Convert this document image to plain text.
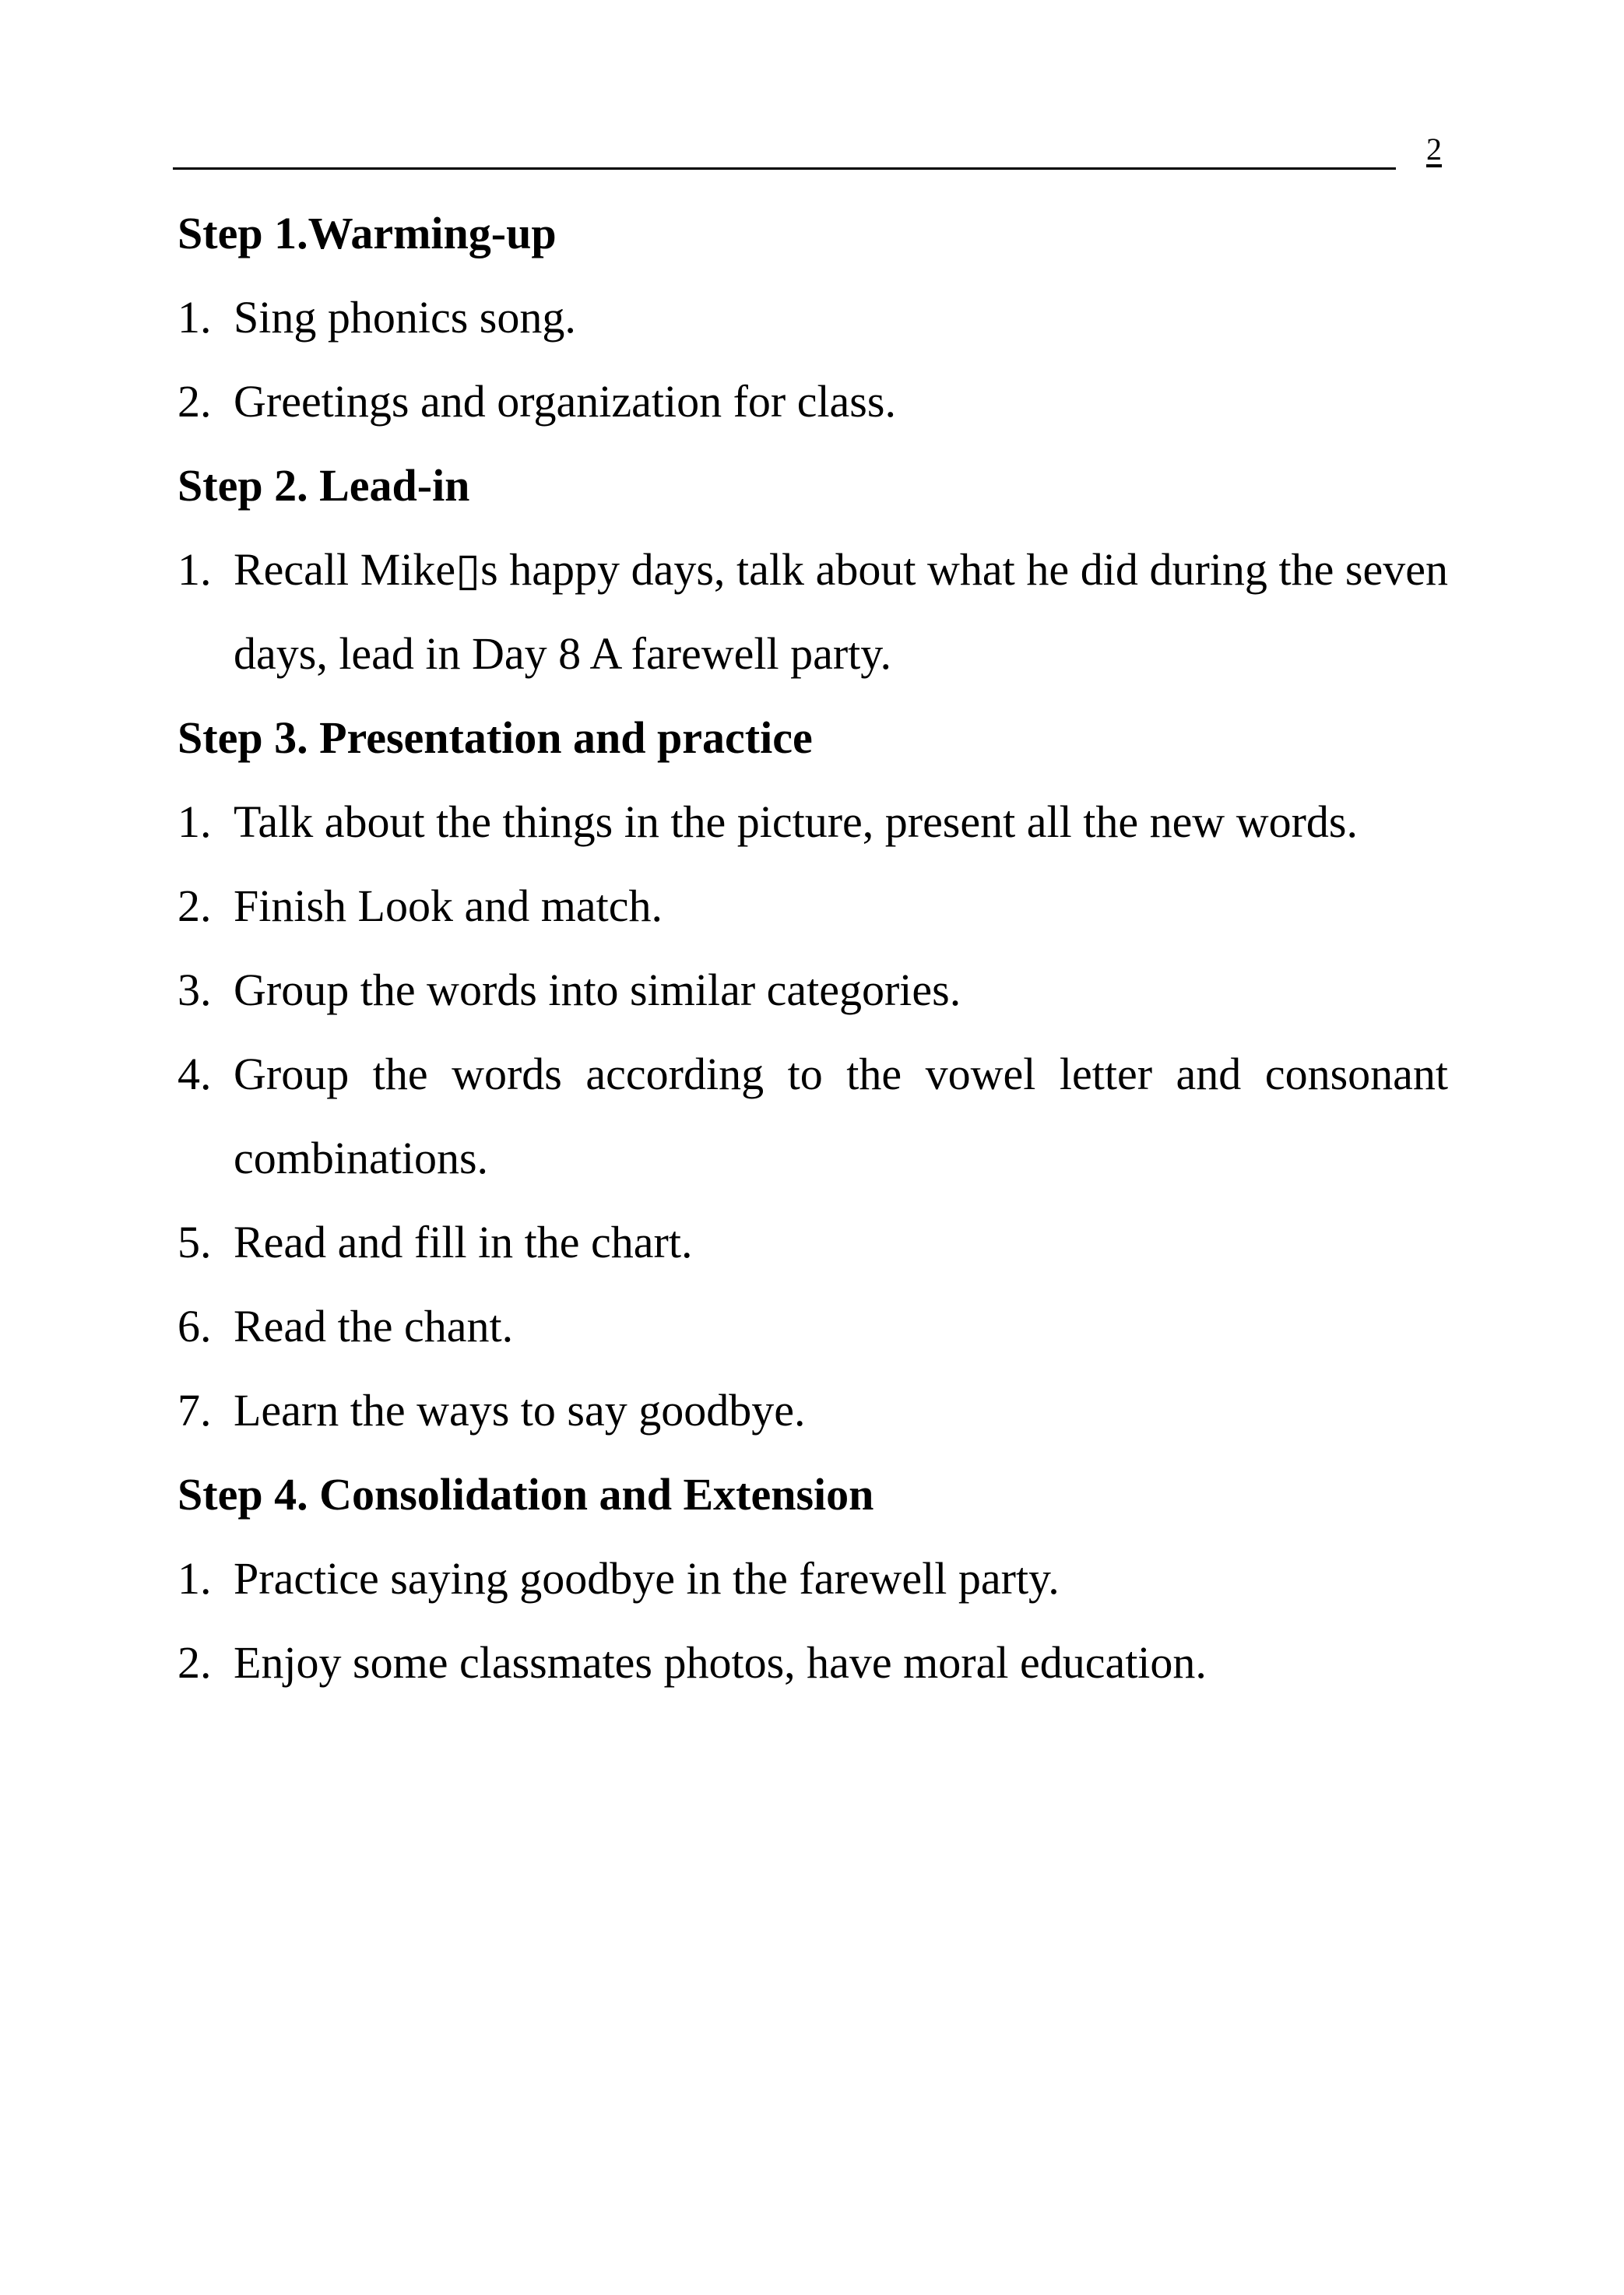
2
Step 1.Warming-up
1. Sing phonics song.
2. Greetings and organization for class.
Step 2. Lead-in
1. Recall Mike▯s happy days, talk about what he did during the seven days, lead in Day 8 A farewell party.
Step 3. Presentation and practice
1. Talk about the things in the picture, present all the new words.
2. Finish Look and match.
3. Group the words into similar categories.
4. Group the words according to the vowel letter and consonant combinations.
5. Read and fill in the chart.
6. Read the chant.
7. Learn the ways to say goodbye.
Step 4. Consolidation and Extension
1. Practice saying goodbye in the farewell party.
2. Enjoy some classmates photos, have moral education.
